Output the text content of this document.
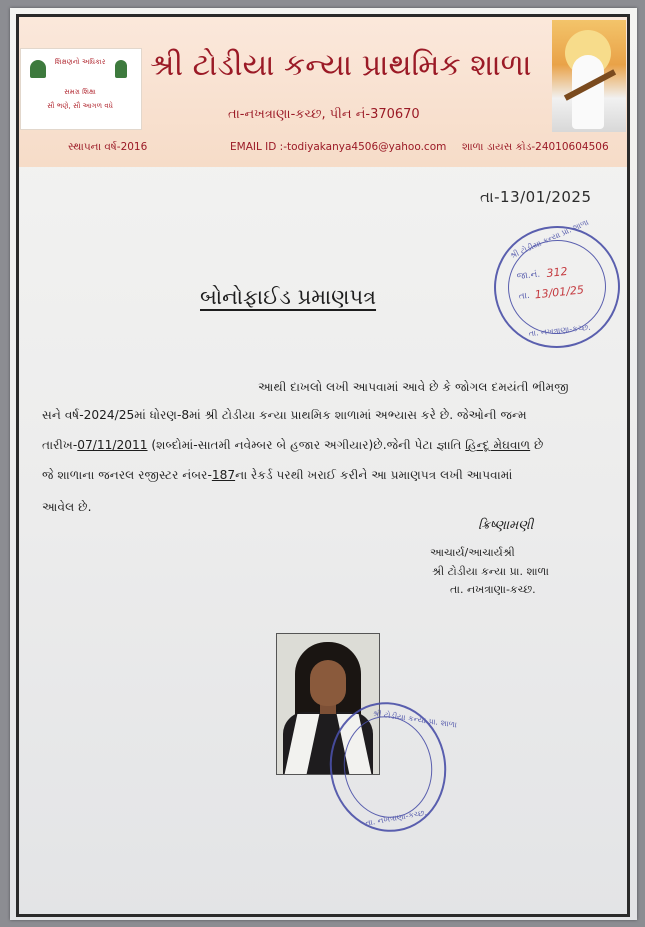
શિક્ષણનો અધિકાર
સમગ્ર શિક્ષા
સૌ ભણે, સૌ આગળ વધે
શ્રી ટોડીયા કન્યા પ્રાથમિક શાળા
તા-નખત્રાણા-કચ્છ, પીન નં-370670
સ્થાપના વર્ષ-2016	EMAIL ID :-todiyakanya4506@yahoo.com શાળા ડાયસ કોડ-24010604506
તા-13/01/2025
શ્રી ટોડીયા કન્યા પ્રા. શાળા
જા.નં. 312
તા. 13/01/25
તા. નખત્રાણા-કચ્છ.
બોનોફાઈડ પ્રમાણપત્ર
આથી દાખલો લખી આપવામાં આવે છે કે જોગલ દમયંતી ભીમજી
સને વર્ષ-2024/25માં ધોરણ-8માં શ્રી ટોડીયા કન્યા પ્રાથમિક શાળામાં અભ્યાસ કરે છે. જેઓની જન્મ
તારીખ-07/11/2011 (શબ્દોમાં-સાતમી નવેમ્બર બે હજાર અગીયાર)છે.જેની પેટા જ્ઞાતિ હિન્દૂ મેઘવાળ છે
જે શાળાના જનરલ રજીસ્ટર નંબર-187ના રેકર્ડ પરથી ખરાઈ કરીને આ પ્રમાણપત્ર લખી આપવામાં
આવેલ છે.
ક્રિષ્ણામણી
આચાર્ય/આચાર્યશ્રી
શ્રી ટોડીયા કન્યા પ્રા. શાળા
તા. નખત્રાણા-કચ્છ.
શ્રી ટોડીયા કન્યા પ્રા. શાળા
તા. નખત્રાણા-કચ્છ.
